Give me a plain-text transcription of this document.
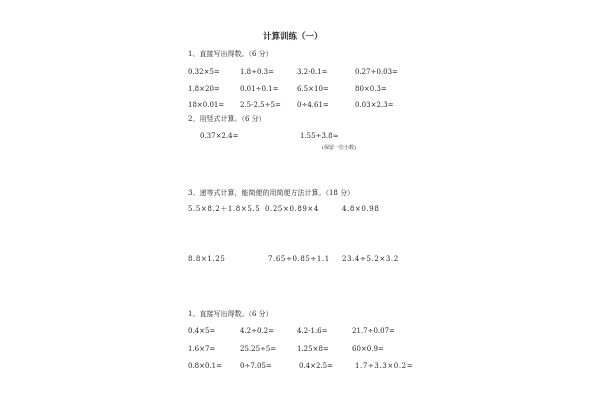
计算训练（一）
1、直接写出得数。（6 分）
0.32×5=	1.8÷0.3=	3.2-0.1=	0.27÷0.03=
1.8×20=	0.01÷0.1=	6.5×10=	80×0.3=
18×0.01= 2.5-2.5÷5= 0÷4.61=	0.03×2.3=
2、用竖式计算。（6 分）
0.37×2.4=	1.55÷3.8≈
(保留一位小数)
3、递等式计算，能简便的用简便方法计算。（18 分）
5.5×8.2＋1.8×5.5 0.25×0.89×4	4.8×0.98
8.8×1.25	7.65÷0.85÷1.1 23.4÷5.2×3.2
1、直接写出得数。（6 分）
0.4×5=	4.2÷0.2=	4.2-1.6=	21.7÷0.07=
1.6×7=	25.25÷5=	1.25×8=	60×0.9=
0.8×0.1=	0÷7.05=	0.4×2.5=	1.7÷3.3×0.2=
